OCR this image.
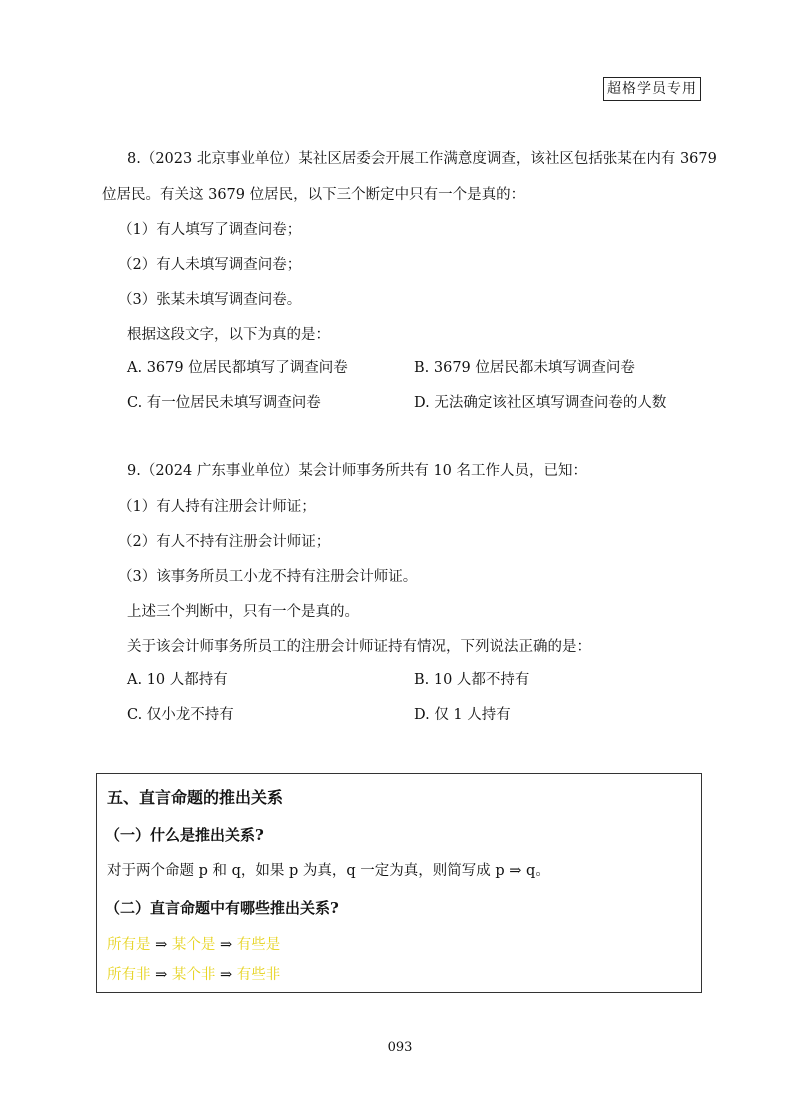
超格学员专用
8.（2023 北京事业单位）某社区居委会开展工作满意度调查，该社区包括张某在内有 3679
位居民。有关这 3679 位居民，以下三个断定中只有一个是真的：
（1）有人填写了调查问卷；
（2）有人未填写调查问卷；
（3）张某未填写调查问卷。
根据这段文字，以下为真的是：
A. 3679 位居民都填写了调查问卷	B. 3679 位居民都未填写调查问卷
C. 有一位居民未填写调查问卷	D. 无法确定该社区填写调查问卷的人数
9.（2024 广东事业单位）某会计师事务所共有 10 名工作人员，已知：
（1）有人持有注册会计师证；
（2）有人不持有注册会计师证；
（3）该事务所员工小龙不持有注册会计师证。
上述三个判断中，只有一个是真的。
关于该会计师事务所员工的注册会计师证持有情况，下列说法正确的是：
A. 10 人都持有	B. 10 人都不持有
C. 仅小龙不持有	D. 仅 1 人持有
五、直言命题的推出关系
（一）什么是推出关系?
对于两个命题 p 和 q，如果 p 为真，q 一定为真，则简写成 p ⇒ q。
（二）直言命题中有哪些推出关系?
所有是 ⇒ 某个是 ⇒ 有些是
所有非 ⇒ 某个非 ⇒ 有些非
093
